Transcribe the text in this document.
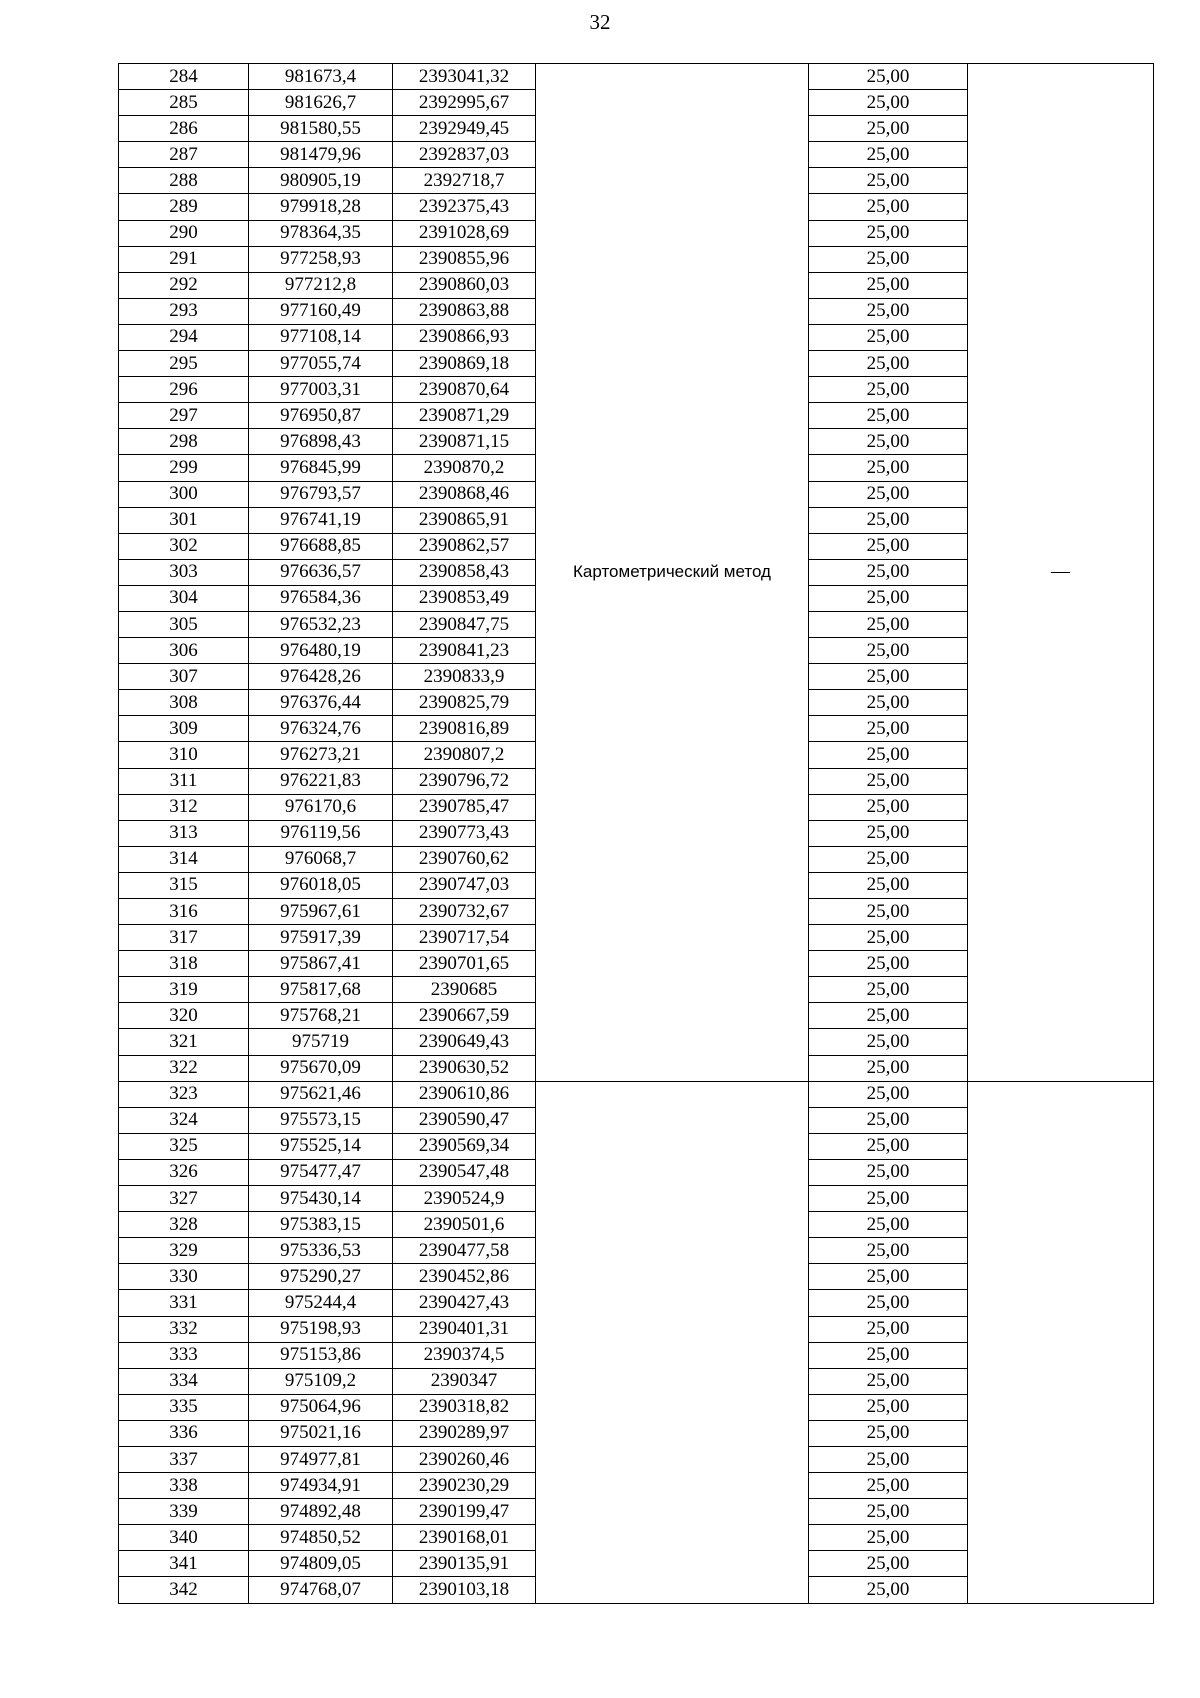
32
284	981673,4	2393041,32	Картометрический метод	25,00	—
285	981626,7	2392995,67		25,00	
286	981580,55	2392949,45		25,00	
287	981479,96	2392837,03		25,00	
288	980905,19	2392718,7		25,00	
289	979918,28	2392375,43		25,00	
290	978364,35	2391028,69		25,00	
291	977258,93	2390855,96		25,00	
292	977212,8	2390860,03		25,00	
293	977160,49	2390863,88		25,00	
294	977108,14	2390866,93		25,00	
295	977055,74	2390869,18		25,00	
296	977003,31	2390870,64		25,00	
297	976950,87	2390871,29		25,00	
298	976898,43	2390871,15		25,00	
299	976845,99	2390870,2		25,00	
300	976793,57	2390868,46		25,00	
301	976741,19	2390865,91		25,00	
302	976688,85	2390862,57		25,00	
303	976636,57	2390858,43		25,00	
304	976584,36	2390853,49		25,00	
305	976532,23	2390847,75		25,00	
306	976480,19	2390841,23		25,00	
307	976428,26	2390833,9		25,00	
308	976376,44	2390825,79		25,00	
309	976324,76	2390816,89		25,00	
310	976273,21	2390807,2		25,00	
311	976221,83	2390796,72		25,00	
312	976170,6	2390785,47		25,00	
313	976119,56	2390773,43		25,00	
314	976068,7	2390760,62		25,00	
315	976018,05	2390747,03		25,00	
316	975967,61	2390732,67		25,00	
317	975917,39	2390717,54		25,00	
318	975867,41	2390701,65		25,00	
319	975817,68	2390685		25,00	
320	975768,21	2390667,59		25,00	
321	975719	2390649,43		25,00	
322	975670,09	2390630,52		25,00	
323	975621,46	2390610,86		25,00	
324	975573,15	2390590,47		25,00	
325	975525,14	2390569,34		25,00	
326	975477,47	2390547,48		25,00	
327	975430,14	2390524,9		25,00	
328	975383,15	2390501,6		25,00	
329	975336,53	2390477,58		25,00	
330	975290,27	2390452,86		25,00	
331	975244,4	2390427,43		25,00	
332	975198,93	2390401,31		25,00	
333	975153,86	2390374,5		25,00	
334	975109,2	2390347		25,00	
335	975064,96	2390318,82		25,00	
336	975021,16	2390289,97		25,00	
337	974977,81	2390260,46		25,00	
338	974934,91	2390230,29		25,00	
339	974892,48	2390199,47		25,00	
340	974850,52	2390168,01		25,00	
341	974809,05	2390135,91		25,00	
342	974768,07	2390103,18		25,00	
